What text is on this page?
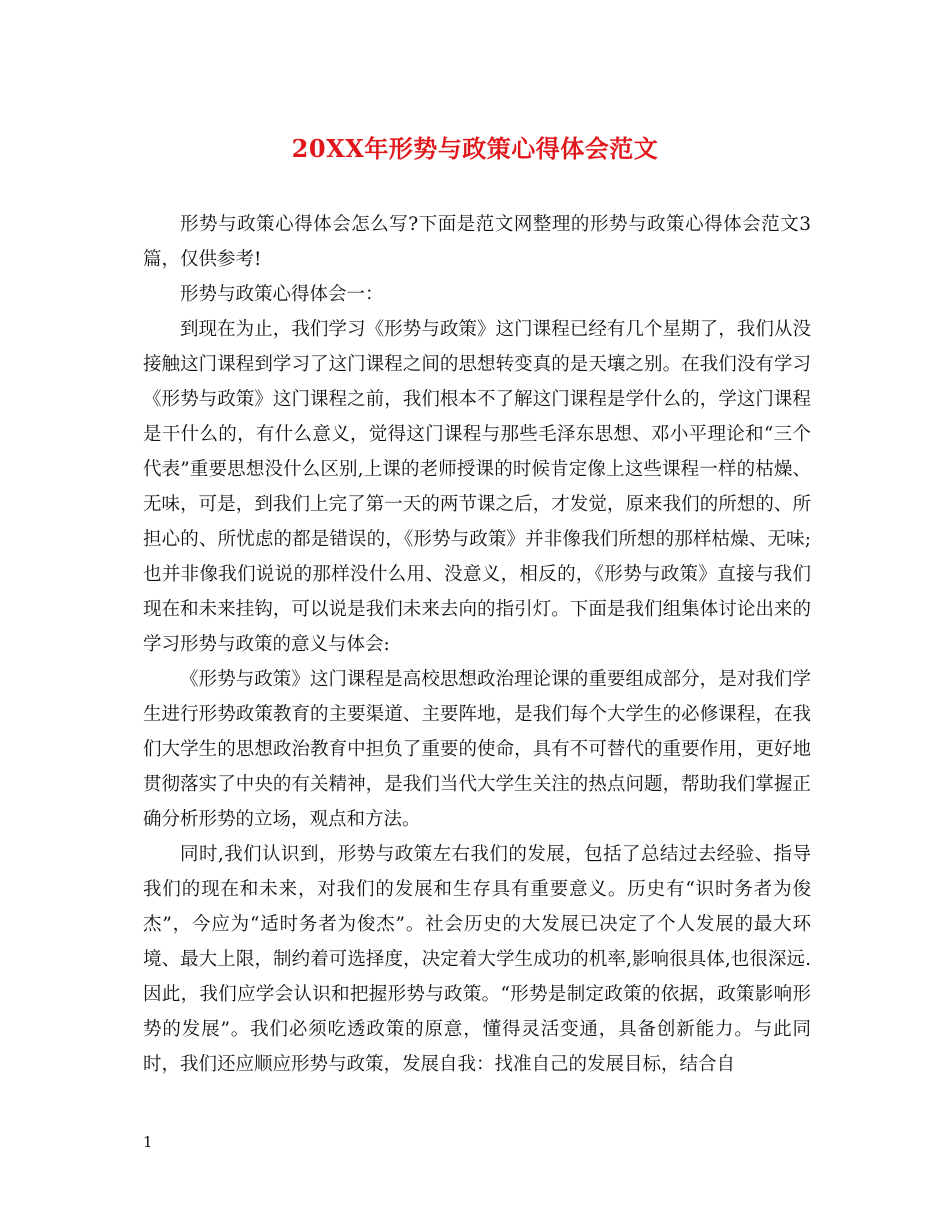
20XX年形势与政策心得体会范文

形势与政策心得体会怎么写?下面是范文网整理的形势与政策心得体会范文3篇，仅供参考!

形势与政策心得体会一：

到现在为止，我们学习《形势与政策》这门课程已经有几个星期了，我们从没接触这门课程到学习了这门课程之间的思想转变真的是天壤之别。在我们没有学习《形势与政策》这门课程之前，我们根本不了解这门课程是学什么的，学这门课程是干什么的，有什么意义，觉得这门课程与那些毛泽东思想、邓小平理论和“三个代表”重要思想没什么区别,上课的老师授课的时候肯定像上这些课程一样的枯燥、无味，可是，到我们上完了第一天的两节课之后，才发觉，原来我们的所想的、所担心的、所忧虑的都是错误的，《形势与政策》并非像我们所想的那样枯燥、无味;也并非像我们说说的那样没什么用、没意义，相反的，《形势与政策》直接与我们现在和未来挂钩，可以说是我们未来去向的指引灯。下面是我们组集体讨论出来的学习形势与政策的意义与体会:

《形势与政策》这门课程是高校思想政治理论课的重要组成部分，是对我们学生进行形势政策教育的主要渠道、主要阵地，是我们每个大学生的必修课程，在我们大学生的思想政治教育中担负了重要的使命，具有不可替代的重要作用，更好地贯彻落实了中央的有关精神，是我们当代大学生关注的热点问题，帮助我们掌握正确分析形势的立场，观点和方法。

同时,我们认识到，形势与政策左右我们的发展，包括了总结过去经验、指导我们的现在和未来，对我们的发展和生存具有重要意义。历史有“识时务者为俊杰”，今应为“适时务者为俊杰”。社会历史的大发展已决定了个人发展的最大环境、最大上限，制约着可选择度，决定着大学生成功的机率,影响很具体,也很深远.因此，我们应学会认识和把握形势与政策。“形势是制定政策的依据，政策影响形势的发展”。我们必须吃透政策的原意，懂得灵活变通，具备创新能力。与此同时，我们还应顺应形势与政策，发展自我：找准自己的发展目标，结合自

1
